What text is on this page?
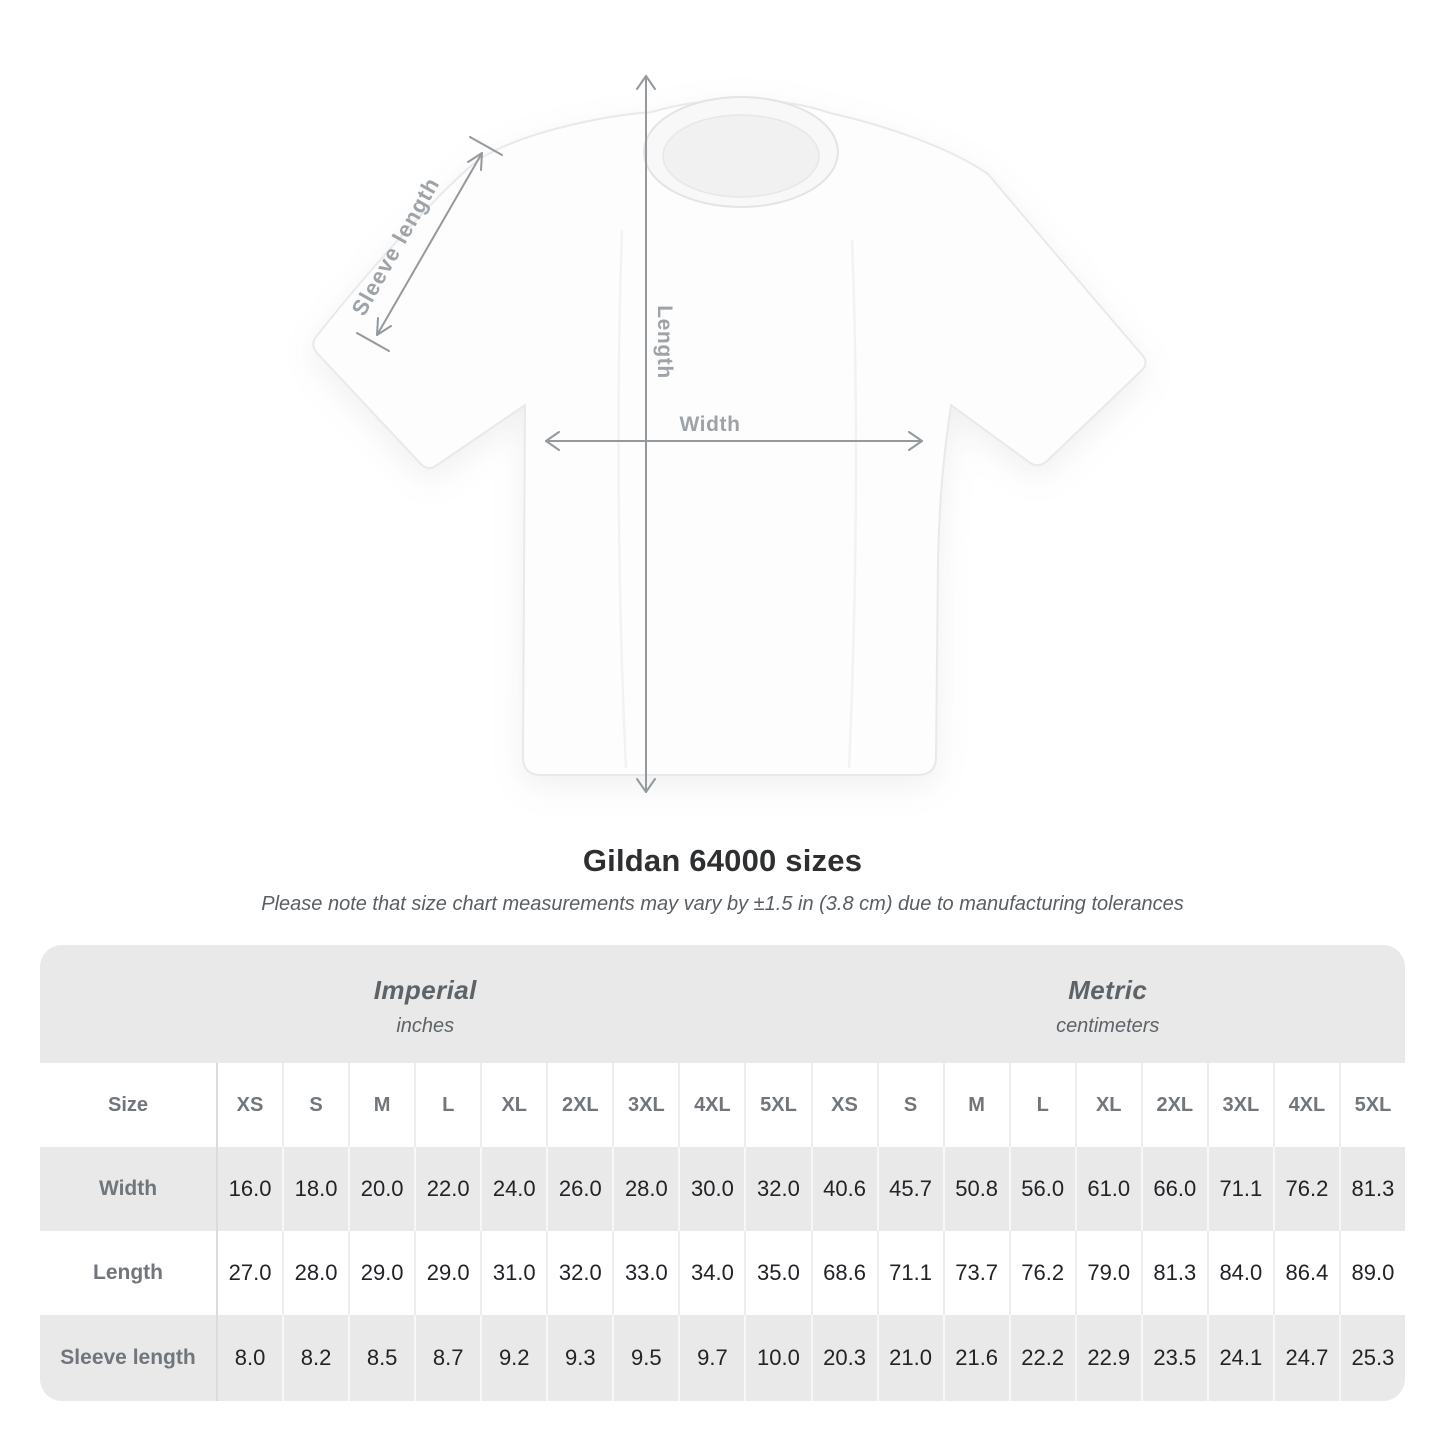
Length
Width
Sleeve length
Gildan 64000 sizes

Please note that size chart measurements may vary by ±1.5 in (3.8 cm) due to manufacturing tolerances

Imperial
inches
Metric
centimeters
Size	XS	S	M	L	XL	2XL	3XL	4XL	5XL	XS	S	M	L	XL	2XL	3XL	4XL	5XL
Width	16.0	18.0	20.0	22.0	24.0	26.0	28.0	30.0	32.0	40.6	45.7	50.8	56.0	61.0	66.0	71.1	76.2	81.3
Length	27.0	28.0	29.0	29.0	31.0	32.0	33.0	34.0	35.0	68.6	71.1	73.7	76.2	79.0	81.3	84.0	86.4	89.0
Sleeve length	8.0	8.2	8.5	8.7	9.2	9.3	9.5	9.7	10.0	20.3	21.0	21.6	22.2	22.9	23.5	24.1	24.7	25.3
